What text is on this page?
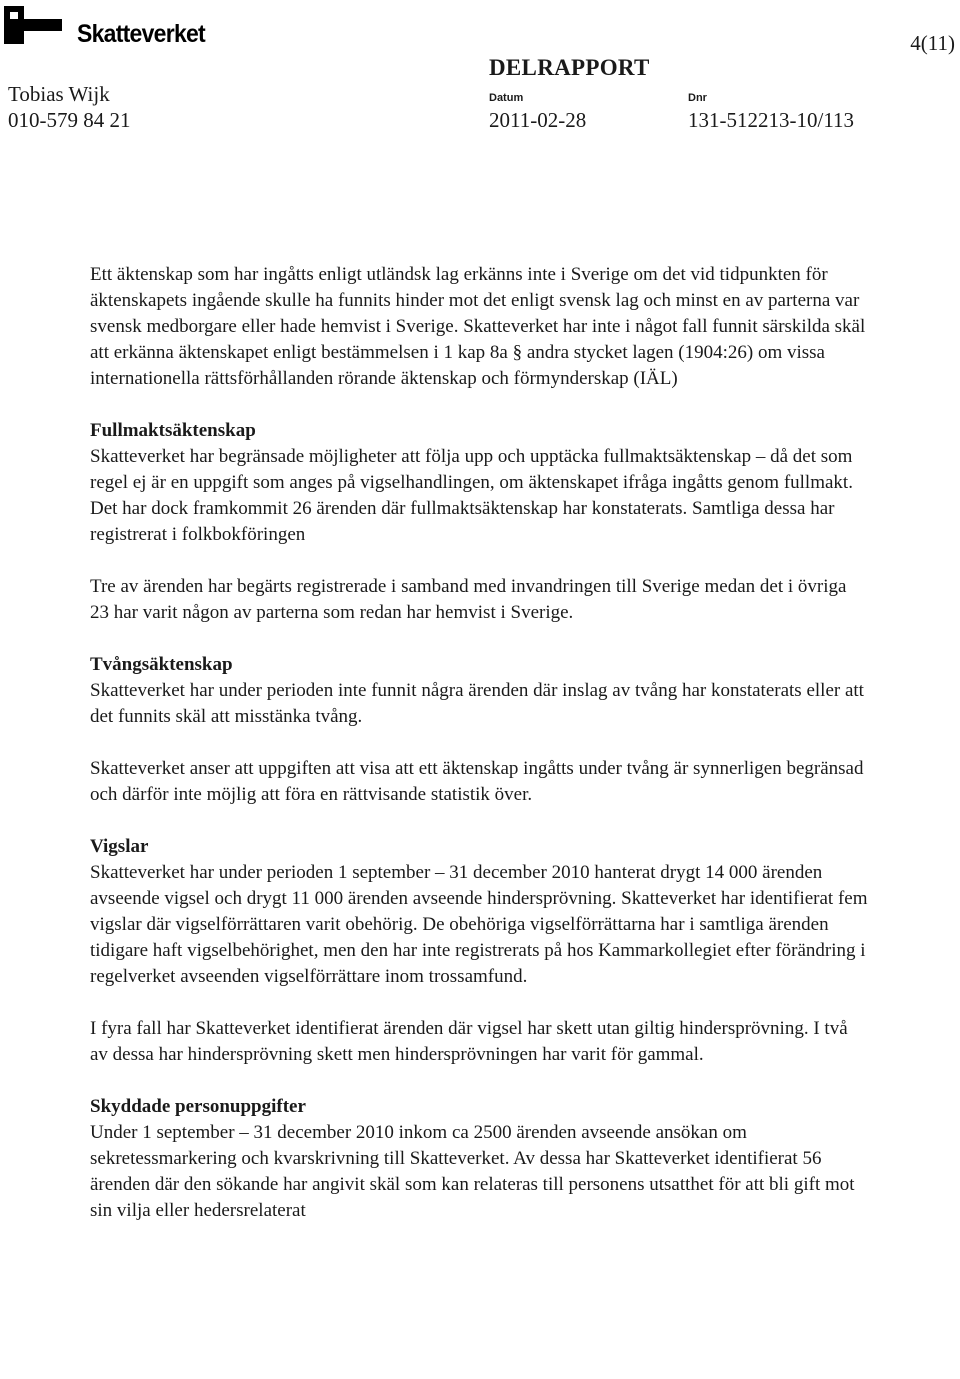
Skatteverket	4(11)
Tobias Wijk
010-579 84 21
DELRAPPORT
Datum	Dnr
2011-02-28	131-512213-10/113

Ett äktenskap som har ingåtts enligt utländsk lag erkänns inte i Sverige om det vid tidpunkten för äktenskapets ingående skulle ha funnits hinder mot det enligt svensk lag och minst en av parterna var svensk medborgare eller hade hemvist i Sverige. Skatteverket har inte i något fall funnit särskilda skäl att erkänna äktenskapet enligt bestämmelsen i 1 kap 8a § andra stycket lagen (1904:26) om vissa internationella rättsförhållanden rörande äktenskap och förmynderskap (IÄL)

Fullmaktsäktenskap

Skatteverket har begränsade möjligheter att följa upp och upptäcka fullmaktsäktenskap – då det som regel ej är en uppgift som anges på vigselhandlingen, om äktenskapet ifråga ingåtts genom fullmakt. Det har dock framkommit 26 ärenden där fullmaktsäktenskap har konstaterats. Samtliga dessa har registrerat i folkbokföringen

Tre av ärenden har begärts registrerade i samband med invandringen till Sverige medan det i övriga 23 har varit någon av parterna som redan har hemvist i Sverige.

Tvångsäktenskap

Skatteverket har under perioden inte funnit några ärenden där inslag av tvång har konstaterats eller att det funnits skäl att misstänka tvång.

Skatteverket anser att uppgiften att visa att ett äktenskap ingåtts under tvång är synnerligen begränsad och därför inte möjlig att föra en rättvisande statistik över.

Vigslar

Skatteverket har under perioden 1 september – 31 december 2010 hanterat drygt 14 000 ärenden avseende vigsel och drygt 11 000 ärenden avseende hindersprövning. Skatteverket har identifierat fem vigslar där vigselförrättaren varit obehörig. De obehöriga vigselförrättarna har i samtliga ärenden tidigare haft vigselbehörighet, men den har inte registrerats på hos Kammarkollegiet efter förändring i regelverket avseenden vigselförrättare inom trossamfund.

I fyra fall har Skatteverket identifierat ärenden där vigsel har skett utan giltig hindersprövning. I två av dessa har hindersprövning skett men hindersprövningen har varit för gammal.

Skyddade personuppgifter

Under 1 september – 31 december 2010 inkom ca 2500 ärenden avseende ansökan om sekretessmarkering och kvarskrivning till Skatteverket. Av dessa har Skatteverket identifierat 56 ärenden där den sökande har angivit skäl som kan relateras till personens utsatthet för att bli gift mot sin vilja eller hedersrelaterat
